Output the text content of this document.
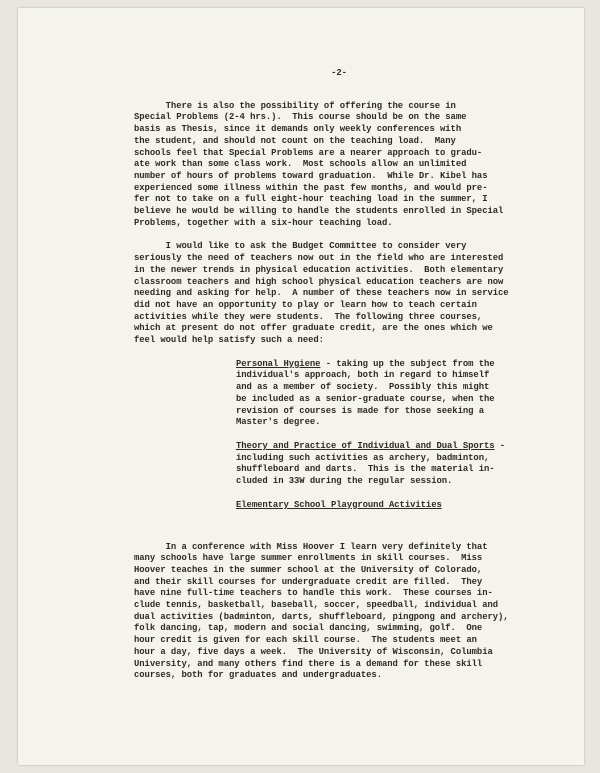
-2-
There is also the possibility of offering the course in
Special Problems (2-4 hrs.).  This course should be on the same
basis as Thesis, since it demands only weekly conferences with
the student, and should not count on the teaching load.  Many
schools feel that Special Problems are a nearer approach to gradu-
ate work than some class work.  Most schools allow an unlimited
number of hours of problems toward graduation.  While Dr. Kibel has
experienced some illness within the past few months, and would pre-
fer not to take on a full eight-hour teaching load in the summer, I
believe he would be willing to handle the students enrolled in Special
Problems, together with a six-hour teaching load.
I would like to ask the Budget Committee to consider very
seriously the need of teachers now out in the field who are interested
in the newer trends in physical education activities.  Both elementary
classroom teachers and high school physical education teachers are now
needing and asking for help.  A number of these teachers now in service
did not have an opportunity to play or learn how to teach certain
activities while they were students.  The following three courses,
which at present do not offer graduate credit, are the ones which we
feel would help satisfy such a need:
Personal Hygiene - taking up the subject from the
individual's approach, both in regard to himself
and as a member of society.  Possibly this might
be included as a senior-graduate course, when the
revision of courses is made for those seeking a
Master's degree.
Theory and Practice of Individual and Dual Sports -
including such activities as archery, badminton,
shuffleboard and darts.  This is the material in-
cluded in 33W during the regular session.
Elementary School Playground Activities
In a conference with Miss Hoover I learn very definitely that
many schools have large summer enrollments in skill courses.  Miss
Hoover teaches in the summer school at the University of Colorado,
and their skill courses for undergraduate credit are filled.  They
have nine full-time teachers to handle this work.  These courses in-
clude tennis, basketball, baseball, soccer, speedball, individual and
dual activities (badminton, darts, shuffleboard, pingpong and archery),
folk dancing, tap, modern and social dancing, swimming, golf.  One
hour credit is given for each skill course.  The students meet an
hour a day, five days a week.  The University of Wisconsin, Columbia
University, and many others find there is a demand for these skill
courses, both for graduates and undergraduates.
